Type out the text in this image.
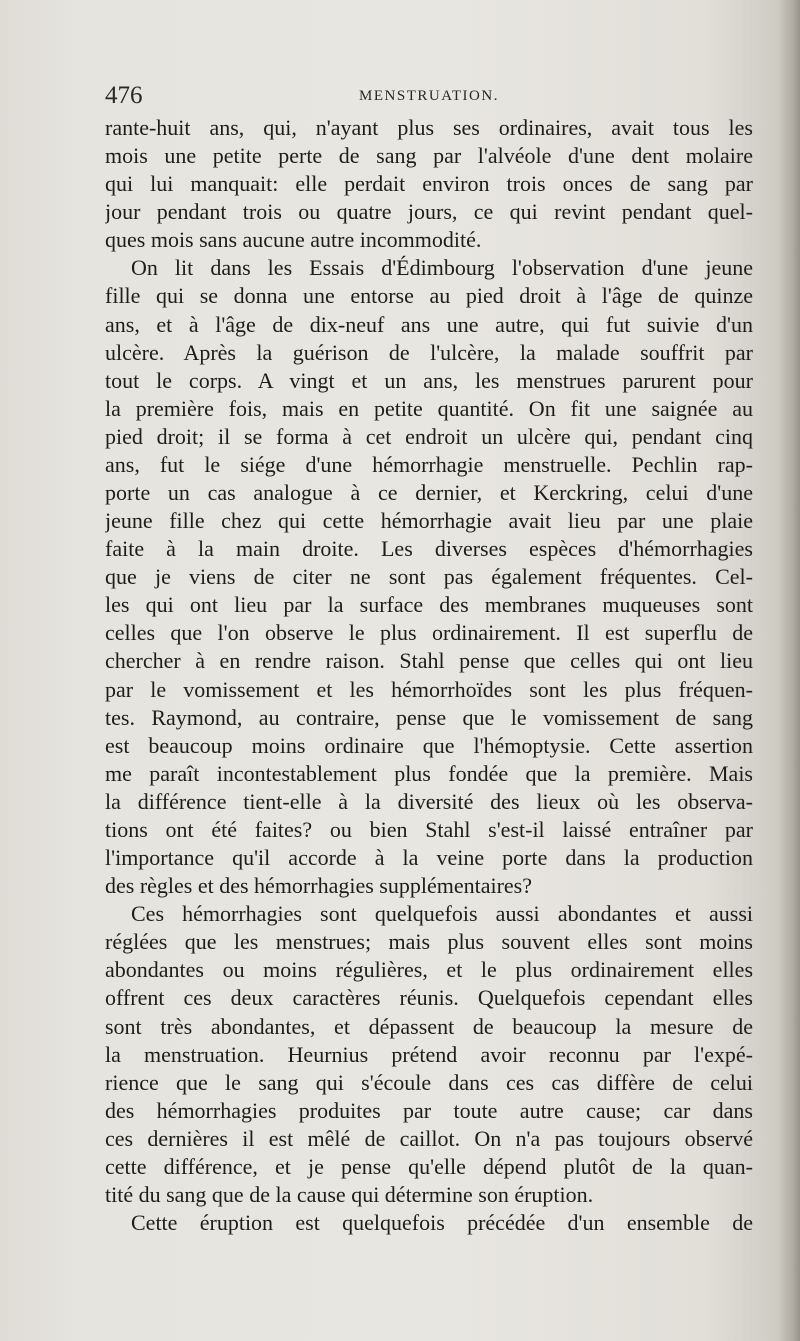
476	MENSTRUATION.
rante-huit ans, qui, n'ayant plus ses ordinaires, avait tous les
mois une petite perte de sang par l'alvéole d'une dent molaire
qui lui manquait: elle perdait environ trois onces de sang par
jour pendant trois ou quatre jours, ce qui revint pendant quel-
ques mois sans aucune autre incommodité.
On lit dans les Essais d'Édimbourg l'observation d'une jeune
fille qui se donna une entorse au pied droit à l'âge de quinze
ans, et à l'âge de dix-neuf ans une autre, qui fut suivie d'un
ulcère. Après la guérison de l'ulcère, la malade souffrit par
tout le corps. A vingt et un ans, les menstrues parurent pour
la première fois, mais en petite quantité. On fit une saignée au
pied droit; il se forma à cet endroit un ulcère qui, pendant cinq
ans, fut le siége d'une hémorrhagie menstruelle. Pechlin rap-
porte un cas analogue à ce dernier, et Kerckring, celui d'une
jeune fille chez qui cette hémorrhagie avait lieu par une plaie
faite à la main droite. Les diverses espèces d'hémorrhagies
que je viens de citer ne sont pas également fréquentes. Cel-
les qui ont lieu par la surface des membranes muqueuses sont
celles que l'on observe le plus ordinairement. Il est superflu de
chercher à en rendre raison. Stahl pense que celles qui ont lieu
par le vomissement et les hémorrhoïdes sont les plus fréquen-
tes. Raymond, au contraire, pense que le vomissement de sang
est beaucoup moins ordinaire que l'hémoptysie. Cette assertion
me paraît incontestablement plus fondée que la première. Mais
la différence tient-elle à la diversité des lieux où les observa-
tions ont été faites? ou bien Stahl s'est-il laissé entraîner par
l'importance qu'il accorde à la veine porte dans la production
des règles et des hémorrhagies supplémentaires?
Ces hémorrhagies sont quelquefois aussi abondantes et aussi
réglées que les menstrues; mais plus souvent elles sont moins
abondantes ou moins régulières, et le plus ordinairement elles
offrent ces deux caractères réunis. Quelquefois cependant elles
sont très abondantes, et dépassent de beaucoup la mesure de
la menstruation. Heurnius prétend avoir reconnu par l'expé-
rience que le sang qui s'écoule dans ces cas diffère de celui
des hémorrhagies produites par toute autre cause; car dans
ces dernières il est mêlé de caillot. On n'a pas toujours observé
cette différence, et je pense qu'elle dépend plutôt de la quan-
tité du sang que de la cause qui détermine son éruption.
Cette éruption est quelquefois précédée d'un ensemble de
